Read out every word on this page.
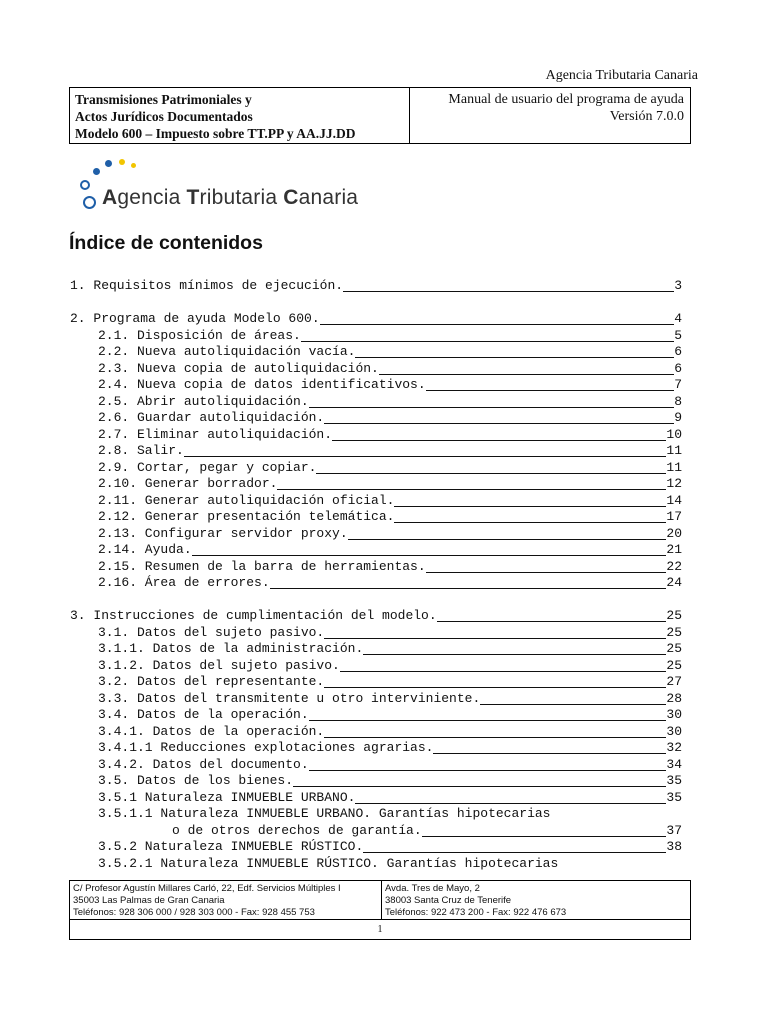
Agencia Tributaria Canaria
Transmisiones Patrimoniales y
Actos Jurídicos Documentados
Modelo 600 – Impuesto sobre TT.PP y AA.JJ.DD
Manual de usuario del programa de ayuda
Versión 7.0.0
Agencia Tributaria Canaria
Índice de contenidos
1. Requisitos mínimos de ejecución.	3
2. Programa de ayuda Modelo 600.	4
2.1. Disposición de áreas.	5
2.2. Nueva autoliquidación vacía.	6
2.3. Nueva copia de autoliquidación.	6
2.4. Nueva copia de datos identificativos.	7
2.5. Abrir autoliquidación.	8
2.6. Guardar autoliquidación.	9
2.7. Eliminar autoliquidación.	10
2.8. Salir.	11
2.9. Cortar, pegar y copiar.	11
2.10. Generar borrador.	12
2.11. Generar autoliquidación oficial.	14
2.12. Generar presentación telemática.	17
2.13. Configurar servidor proxy.	20
2.14. Ayuda.	21
2.15. Resumen de la barra de herramientas.	22
2.16. Área de errores.	24
3. Instrucciones de cumplimentación del modelo.	25
3.1. Datos del sujeto pasivo.	25
3.1.1. Datos de la administración.	25
3.1.2. Datos del sujeto pasivo.	25
3.2. Datos del representante.	27
3.3. Datos del transmitente u otro interviniente.	28
3.4. Datos de la operación.	30
3.4.1. Datos de la operación.	30
3.4.1.1 Reducciones explotaciones agrarias.	32
3.4.2. Datos del documento.	34
3.5. Datos de los bienes.	35
3.5.1 Naturaleza INMUEBLE URBANO.	35
3.5.1.1 Naturaleza INMUEBLE URBANO. Garantías hipotecarias
o de otros derechos de garantía.	37
3.5.2 Naturaleza INMUEBLE RÚSTICO.	38
3.5.2.1 Naturaleza INMUEBLE RÚSTICO. Garantías hipotecarias
C/ Profesor Agustín Millares Carló, 22, Edf. Servicios Múltiples I
35003 Las Palmas de Gran Canaria
Teléfonos: 928 306 000 / 928 303 000 - Fax: 928 455 753
Avda. Tres de Mayo, 2
38003 Santa Cruz de Tenerife
Teléfonos: 922 473 200 - Fax: 922 476 673
1
